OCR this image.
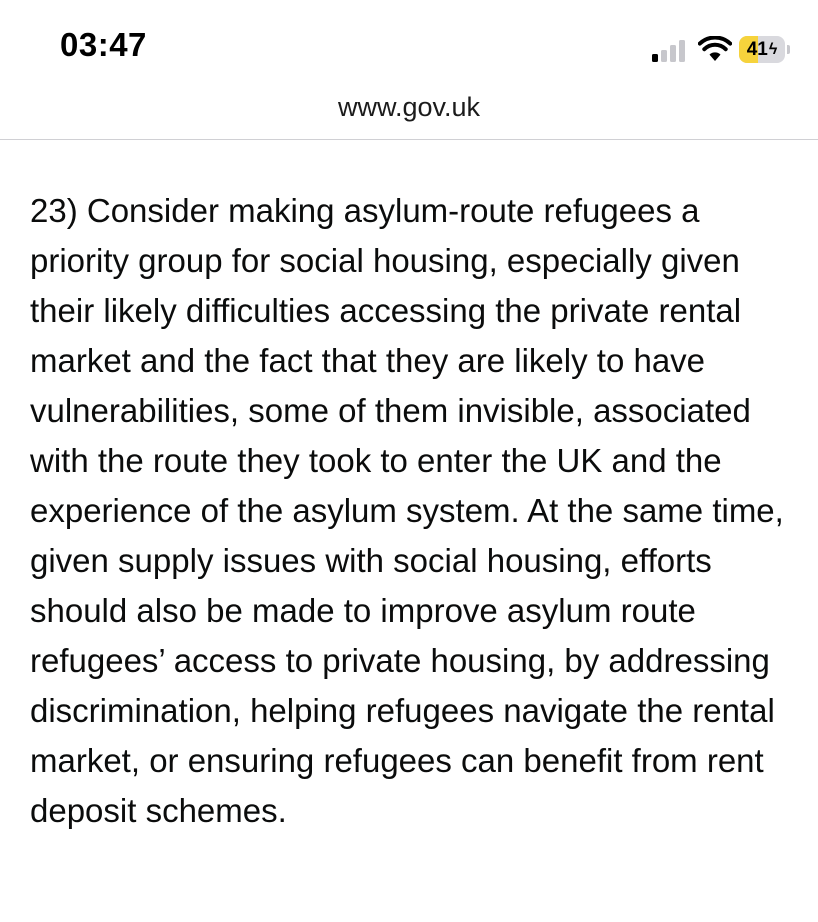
03:47	41 ϟ
www.gov.uk

23) Consider making asylum-route refugees a priority group for social housing, especially given their likely difficulties accessing the private rental market and the fact that they are likely to have vulnerabilities, some of them invisible, associated with the route they took to enter the UK and the experience of the asylum system. At the same time, given supply issues with social housing, efforts should also be made to improve asylum route refugees’ access to private housing, by addressing discrimination, helping refugees navigate the rental market, or ensuring refugees can benefit from rent deposit schemes.
